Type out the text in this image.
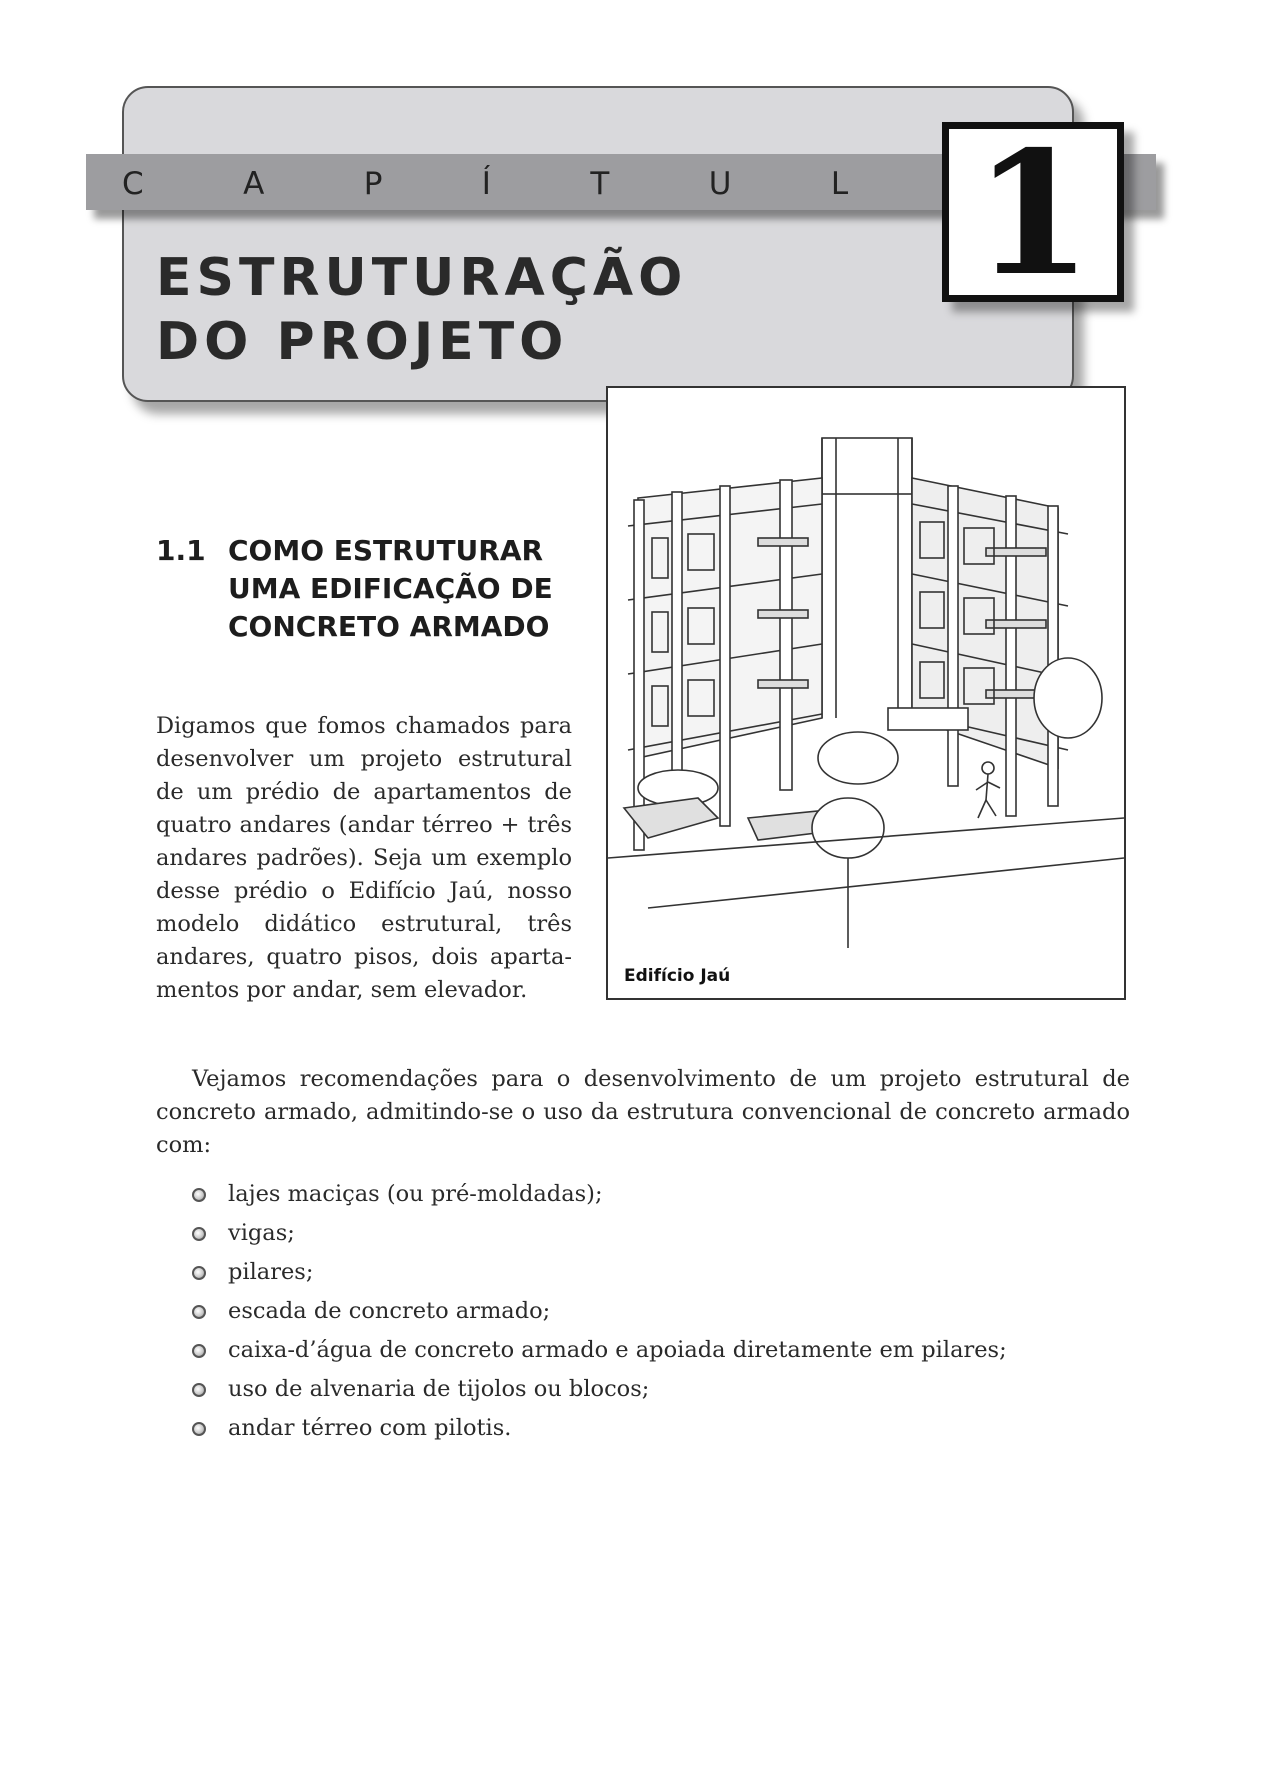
C	A	P	Í	T	U	L 1
ESTRUTURAÇÃO
DO PROJETO
Edifício Jaú
1.1 COMO ESTRUTURAR
UMA EDIFICAÇÃO DE
CONCRETO ARMADO

Digamos que fomos chamados para desenvolver um projeto estrutural de um prédio de apartamentos de quatro andares (andar térreo + três andares padrões). Seja um exemplo desse prédio o Edifício Jaú, nosso modelo didático estrutural, três andares, quatro pisos, dois apartamentos por andar, sem elevador.

Vejamos recomendações para o desenvolvimento de um projeto estrutural de concreto armado, admitindo-se o uso da estrutura convencional de concreto armado com:

lajes maciças (ou pré-moldadas);
vigas;
pilares;
escada de concreto armado;
caixa-d’água de concreto armado e apoiada diretamente em pilares;
uso de alvenaria de tijolos ou blocos;
andar térreo com pilotis.
